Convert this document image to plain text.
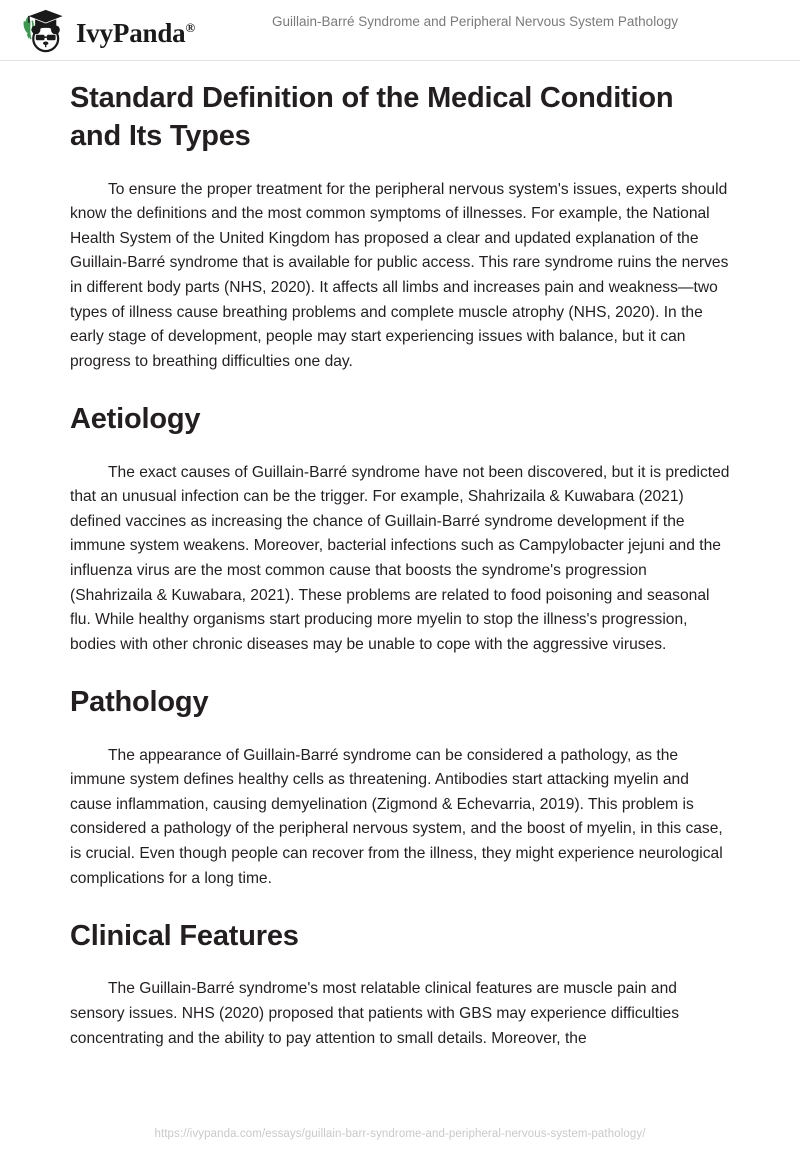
IvyPanda®	Guillain-Barré Syndrome and Peripheral Nervous System Pathology
Standard Definition of the Medical Condition and Its Types

To ensure the proper treatment for the peripheral nervous system's issues, experts should know the definitions and the most common symptoms of illnesses. For example, the National Health System of the United Kingdom has proposed a clear and updated explanation of the Guillain-Barré syndrome that is available for public access. This rare syndrome ruins the nerves in different body parts (NHS, 2020). It affects all limbs and increases pain and weakness—two types of illness cause breathing problems and complete muscle atrophy (NHS, 2020). In the early stage of development, people may start experiencing issues with balance, but it can progress to breathing difficulties one day.

Aetiology

The exact causes of Guillain-Barré syndrome have not been discovered, but it is predicted that an unusual infection can be the trigger. For example, Shahrizaila & Kuwabara (2021) defined vaccines as increasing the chance of Guillain-Barré syndrome development if the immune system weakens. Moreover, bacterial infections such as Campylobacter jejuni and the influenza virus are the most common cause that boosts the syndrome's progression (Shahrizaila & Kuwabara, 2021). These problems are related to food poisoning and seasonal flu. While healthy organisms start producing more myelin to stop the illness's progression, bodies with other chronic diseases may be unable to cope with the aggressive viruses.

Pathology

The appearance of Guillain-Barré syndrome can be considered a pathology, as the immune system defines healthy cells as threatening. Antibodies start attacking myelin and cause inflammation, causing demyelination (Zigmond & Echevarria, 2019). This problem is considered a pathology of the peripheral nervous system, and the boost of myelin, in this case, is crucial. Even though people can recover from the illness, they might experience neurological complications for a long time.

Clinical Features

The Guillain-Barré syndrome's most relatable clinical features are muscle pain and sensory issues. NHS (2020) proposed that patients with GBS may experience difficulties concentrating and the ability to pay attention to small details. Moreover, the

https://ivypanda.com/essays/guillain-barr-syndrome-and-peripheral-nervous-system-pathology/
